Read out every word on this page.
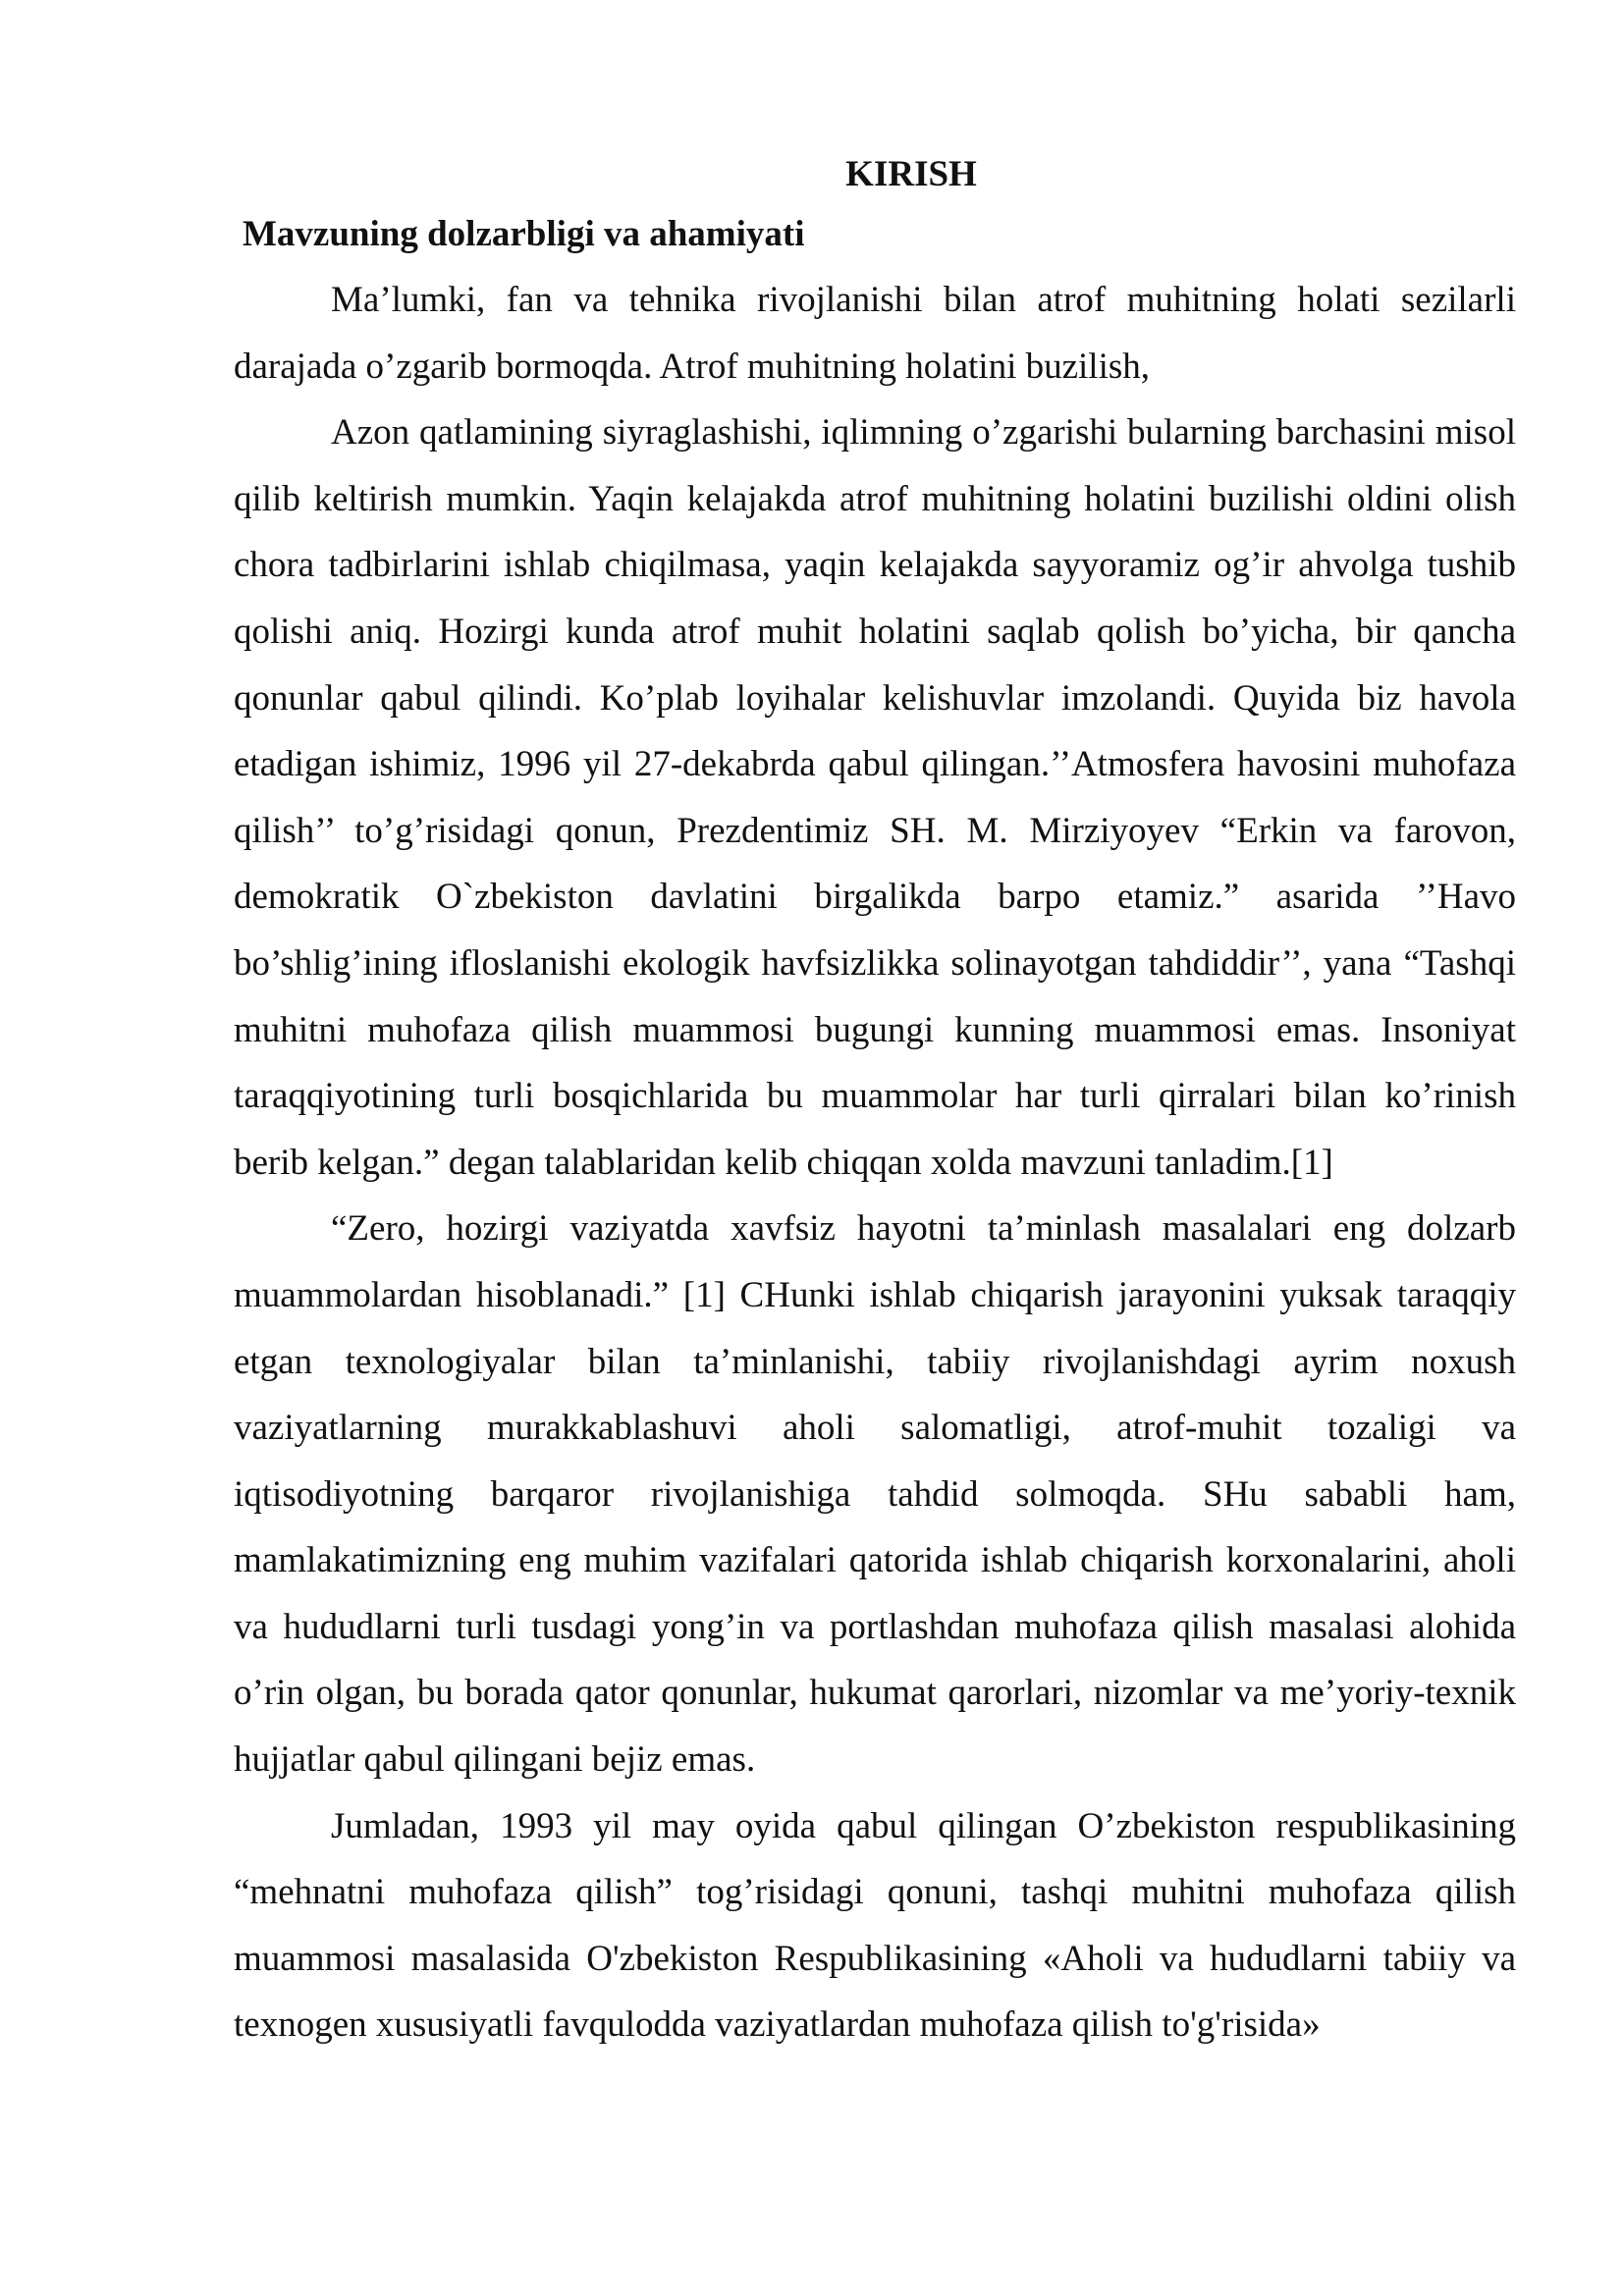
KIRISH
Mavzuning dolzarbligi va ahamiyati

Ma’lumki, fan va tehnika rivojlanishi bilan atrof muhitning holati sezilarli darajada o’zgarib bormoqda. Atrof muhitning holatini buzilish,

Azon qatlamining siyraglashishi, iqlimning o’zgarishi bularning barchasini misol qilib keltirish mumkin. Yaqin kelajakda atrof muhitning holatini buzilishi oldini olish chora tadbirlarini ishlab chiqilmasa, yaqin kelajakda sayyoramiz og’ir ahvolga tushib qolishi aniq. Hozirgi kunda atrof muhit holatini saqlab qolish bo’yicha, bir qancha qonunlar qabul qilindi. Ko’plab loyihalar kelishuvlar imzolandi. Quyida biz havola etadigan ishimiz, 1996 yil 27-dekabrda qabul qilingan.’’Atmosfera havosini muhofaza qilish’’ to’g’risidagi qonun, Prezdentimiz SH. M. Mirziyoyev “Erkin va farovon, demokratik O`zbekiston davlatini birgalikda barpo etamiz.” asarida ’’Havo bo’shlig’ining ifloslanishi ekologik havfsizlikka solinayotgan tahdiddir’’, yana “Tashqi muhitni muhofaza qilish muammosi bugungi kunning muammosi emas. Insoniyat taraqqiyotining turli bosqichlarida bu muammolar har turli qirralari bilan ko’rinish berib kelgan.” degan talablaridan kelib chiqqan xolda mavzuni tanladim.[1]

“Zero, hozirgi vaziyatda xavfsiz hayotni ta’minlash masalalari eng dolzarb muammolardan hisoblanadi.” [1] CHunki ishlab chiqarish jarayonini yuksak taraqqiy etgan texnologiyalar bilan ta’minlanishi, tabiiy rivojlanishdagi ayrim noxush vaziyatlarning murakkablashuvi aholi salomatligi, atrof-muhit tozaligi va iqtisodiyotning barqaror rivojlanishiga tahdid solmoqda. SHu sababli ham, mamlakatimizning eng muhim vazifalari qatorida ishlab chiqarish korxonalarini, aholi va hududlarni turli tusdagi yong’in va portlashdan muhofaza qilish masalasi alohida o’rin olgan, bu borada qator qonunlar, hukumat qarorlari, nizomlar va me’yoriy-texnik hujjatlar qabul qilingani bejiz emas.

Jumladan, 1993 yil may oyida qabul qilingan O’zbekiston respublikasining “mehnatni muhofaza qilish” tog’risidagi qonuni, tashqi muhitni muhofaza qilish muammosi masalasida O'zbekiston Respublikasining «Aholi va hududlarni tabiiy va texnogen xususiyatli favqulodda vaziyatlardan muhofaza qilish to'g'risida»
